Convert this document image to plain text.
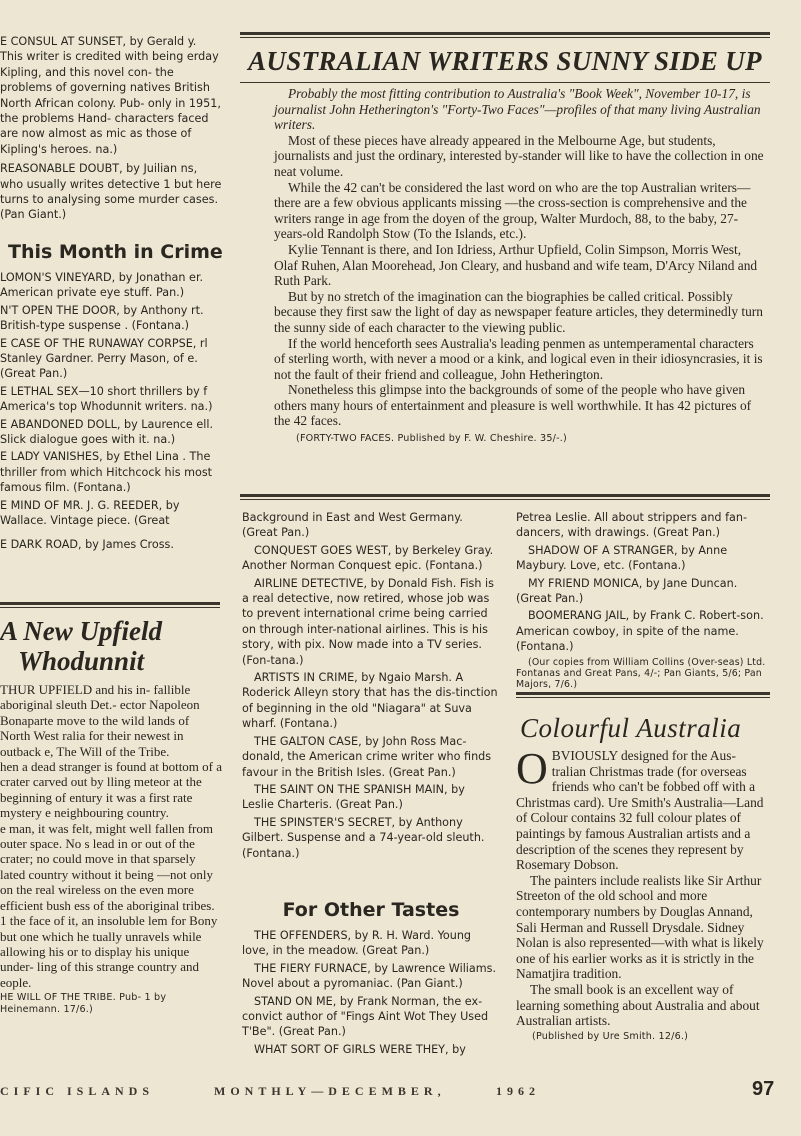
E CONSUL AT SUNSET, by Gerald y. This writer is credited with being erday Kipling, and this novel con- the problems of governing natives British North African colony. Pub- only in 1951, the problems Hand- characters faced are now almost as mic as those of Kipling's heroes. na.)

REASONABLE DOUBT, by Juilian ns, who usually writes detective 1 but here turns to analysing some murder cases. (Pan Giant.)

This Month in Crime

LOMON'S VINEYARD, by Jonathan er. American private eye stuff. Pan.)

N'T OPEN THE DOOR, by Anthony rt. British-type suspense . (Fontana.)

E CASE OF THE RUNAWAY CORPSE, rl Stanley Gardner. Perry Mason, of e. (Great Pan.)

E LETHAL SEX—10 short thrillers by f America's top Whodunnit writers. na.)

E ABANDONED DOLL, by Laurence ell. Slick dialogue goes with it. na.)

E LADY VANISHES, by Ethel Lina . The thriller from which Hitchcock his most famous film. (Fontana.)

E MIND OF MR. J. G. REEDER, by Wallace. Vintage piece. (Great

E DARK ROAD, by James Cross.

A New Upfield
Whodunnit

THUR UPFIELD and his in- fallible aboriginal sleuth Det.- ector Napoleon Bonaparte move to the wild lands of North West ralia for their newest in outback e, The Will of the Tribe.

hen a dead stranger is found at bottom of a crater carved out by lling meteor at the beginning of entury it was a first rate mystery e neighbouring country.

e man, it was felt, might well fallen from outer space. No s lead in or out of the crater; no could move in that sparsely lated country without it being —not only on the real wireless on the even more efficient bush ess of the aboriginal tribes.

1 the face of it, an insoluble lem for Bony but one which he tually unravels while allowing his or to display his unique under- ling of this strange country and eople.

HE WILL OF THE TRIBE. Pub- 1 by Heinemann. 17/6.)

AUSTRALIAN WRITERS SUNNY SIDE UP

Probably the most fitting contribution to Australia's "Book Week", November 10-17, is journalist John Hetherington's "Forty-Two Faces"—profiles of that many living Australian writers.

Most of these pieces have already appeared in the Melbourne Age, but students, journalists and just the ordinary, interested by-stander will like to have the collection in one neat volume.

While the 42 can't be considered the last word on who are the top Australian writers—there are a few obvious applicants missing —the cross-section is comprehensive and the writers range in age from the doyen of the group, Walter Murdoch, 88, to the baby, 27-years-old Randolph Stow (To the Islands, etc.).

Kylie Tennant is there, and Ion Idriess, Arthur Upfield, Colin Simpson, Morris West, Olaf Ruhen, Alan Moorehead, Jon Cleary, and husband and wife team, D'Arcy Niland and Ruth Park.

But by no stretch of the imagination can the biographies be called critical. Possibly because they first saw the light of day as newspaper feature articles, they determinedly turn the sunny side of each character to the viewing public.

If the world henceforth sees Australia's leading penmen as untemperamental characters of sterling worth, with never a mood or a kink, and logical even in their idiosyncrasies, it is not the fault of their friend and colleague, John Hetherington.

Nonetheless this glimpse into the backgrounds of some of the people who have given others many hours of entertainment and pleasure is well worthwhile. It has 42 pictures of the 42 faces.

(FORTY-TWO FACES. Published by F. W. Cheshire. 35/-.)

Background in East and West Germany. (Great Pan.)

CONQUEST GOES WEST, by Berkeley Gray. Another Norman Conquest epic. (Fontana.)

AIRLINE DETECTIVE, by Donald Fish. Fish is a real detective, now retired, whose job was to prevent international crime being carried on through inter-national airlines. This is his story, with pix. Now made into a TV series. (Fon-tana.)

ARTISTS IN CRIME, by Ngaio Marsh. A Roderick Alleyn story that has the dis-tinction of beginning in the old "Niagara" at Suva wharf. (Fontana.)

THE GALTON CASE, by John Ross Mac-donald, the American crime writer who finds favour in the British Isles. (Great Pan.)

THE SAINT ON THE SPANISH MAIN, by Leslie Charteris. (Great Pan.)

THE SPINSTER'S SECRET, by Anthony Gilbert. Suspense and a 74-year-old sleuth. (Fontana.)

For Other Tastes

THE OFFENDERS, by R. H. Ward. Young love, in the meadow. (Great Pan.)

THE FIERY FURNACE, by Lawrence Wiliams. Novel about a pyromaniac. (Pan Giant.)

STAND ON ME, by Frank Norman, the ex-convict author of "Fings Aint Wot They Used T'Be". (Great Pan.)

WHAT SORT OF GIRLS WERE THEY, by

Petrea Leslie. All about strippers and fan-dancers, with drawings. (Great Pan.)

SHADOW OF A STRANGER, by Anne Maybury. Love, etc. (Fontana.)

MY FRIEND MONICA, by Jane Duncan. (Great Pan.)

BOOMERANG JAIL, by Frank C. Robert-son. American cowboy, in spite of the name. (Fontana.)

(Our copies from William Collins (Over-seas) Ltd. Fontanas and Great Pans, 4/-; Pan Giants, 5/6; Pan Majors, 7/6.)

Colourful Australia

OBVIOUSLY designed for the Aus-tralian Christmas trade (for overseas friends who can't be fobbed off with a Christmas card). Ure Smith's Australia—Land of Colour contains 32 full colour plates of paintings by famous Australian artists and a description of the scenes they represent by Rosemary Dobson.

The painters include realists like Sir Arthur Streeton of the old school and more contemporary numbers by Douglas Annand, Sali Herman and Russell Drysdale. Sidney Nolan is also represented—with what is likely one of his earlier works as it is strictly in the Namatjira tradition.

The small book is an excellent way of learning something about Australia and about Australian artists.

(Published by Ure Smith. 12/6.)

CIFIC ISLANDS	MONTHLY—DECEMBER,	1962	97
